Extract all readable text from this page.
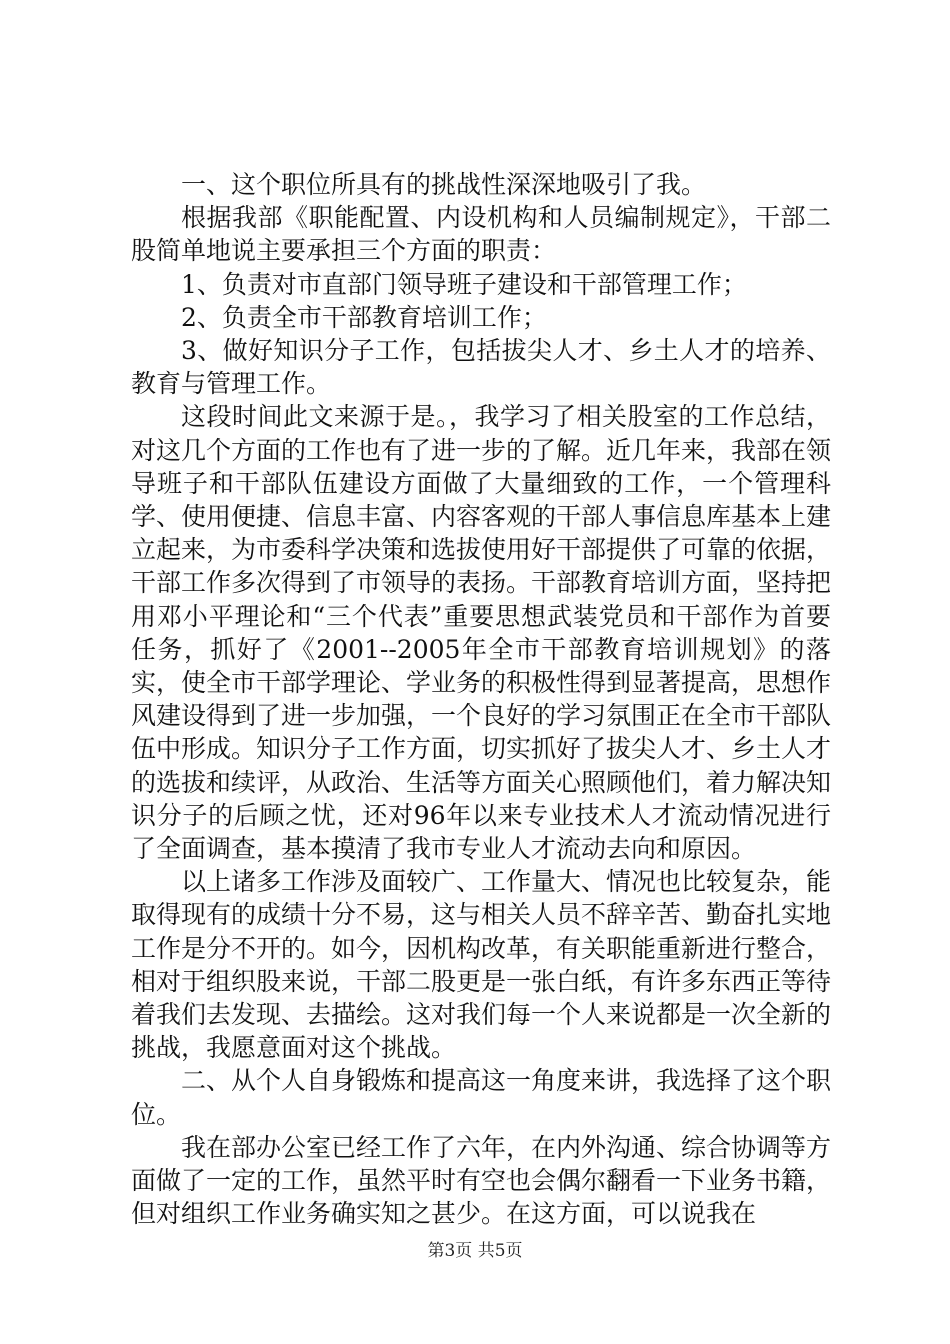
一、这个职位所具有的挑战性深深地吸引了我。

根据我部《职能配置、内设机构和人员编制规定》，干部二股简单地说主要承担三个方面的职责：

1、负责对市直部门领导班子建设和干部管理工作；

2、负责全市干部教育培训工作；

3、做好知识分子工作，包括拔尖人才、乡土人才的培养、教育与管理工作。

这段时间此文来源于是。，我学习了相关股室的工作总结，对这几个方面的工作也有了进一步的了解。近几年来，我部在领导班子和干部队伍建设方面做了大量细致的工作，一个管理科学、使用便捷、信息丰富、内容客观的干部人事信息库基本上建立起来，为市委科学决策和选拔使用好干部提供了可靠的依据，干部工作多次得到了市领导的表扬。干部教育培训方面，坚持把用邓小平理论和“三个代表”重要思想武装党员和干部作为首要任务，抓好了《2001--2005年全市干部教育培训规划》的落实，使全市干部学理论、学业务的积极性得到显著提高，思想作风建设得到了进一步加强，一个良好的学习氛围正在全市干部队伍中形成。知识分子工作方面，切实抓好了拔尖人才、乡土人才的选拔和续评，从政治、生活等方面关心照顾他们，着力解决知识分子的后顾之忧，还对96年以来专业技术人才流动情况进行了全面调查，基本摸清了我市专业人才流动去向和原因。

以上诸多工作涉及面较广、工作量大、情况也比较复杂，能取得现有的成绩十分不易，这与相关人员不辞辛苦、勤奋扎实地工作是分不开的。如今，因机构改革，有关职能重新进行整合，相对于组织股来说，干部二股更是一张白纸，有许多东西正等待着我们去发现、去描绘。这对我们每一个人来说都是一次全新的挑战，我愿意面对这个挑战。

二、从个人自身锻炼和提高这一角度来讲，我选择了这个职位。

我在部办公室已经工作了六年，在内外沟通、综合协调等方面做了一定的工作，虽然平时有空也会偶尔翻看一下业务书籍，但对组织工作业务确实知之甚少。在这方面，可以说我在

第3页 共5页
